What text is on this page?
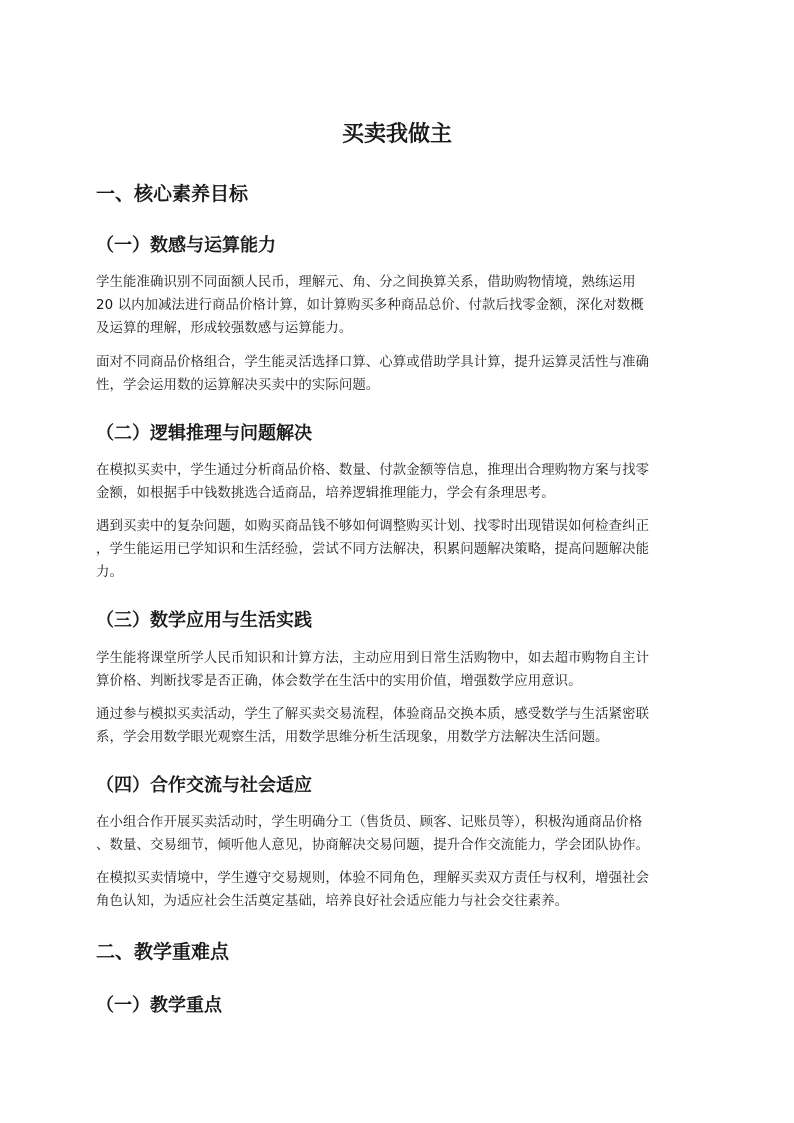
买卖我做主
一、核心素养目标
（一）数感与运算能力
学生能准确识别不同面额人民币，理解元、角、分之间换算关系，借助购物情境，熟练运用
20 以内加减法进行商品价格计算，如计算购买多种商品总价、付款后找零金额，深化对数概
及运算的理解，形成较强数感与运算能力。
面对不同商品价格组合，学生能灵活选择口算、心算或借助学具计算，提升运算灵活性与准确
性，学会运用数的运算解决买卖中的实际问题。
（二）逻辑推理与问题解决
在模拟买卖中，学生通过分析商品价格、数量、付款金额等信息，推理出合理购物方案与找零
金额，如根据手中钱数挑选合适商品，培养逻辑推理能力，学会有条理思考。
遇到买卖中的复杂问题，如购买商品钱不够如何调整购买计划、找零时出现错误如何检查纠正
，学生能运用已学知识和生活经验，尝试不同方法解决，积累问题解决策略，提高问题解决能
力。
（三）数学应用与生活实践
学生能将课堂所学人民币知识和计算方法，主动应用到日常生活购物中，如去超市购物自主计
算价格、判断找零是否正确，体会数学在生活中的实用价值，增强数学应用意识。
通过参与模拟买卖活动，学生了解买卖交易流程，体验商品交换本质，感受数学与生活紧密联
系，学会用数学眼光观察生活，用数学思维分析生活现象，用数学方法解决生活问题。
（四）合作交流与社会适应
在小组合作开展买卖活动时，学生明确分工（售货员、顾客、记账员等），积极沟通商品价格
、数量、交易细节，倾听他人意见，协商解决交易问题，提升合作交流能力，学会团队协作。
在模拟买卖情境中，学生遵守交易规则，体验不同角色，理解买卖双方责任与权利，增强社会
角色认知，为适应社会生活奠定基础，培养良好社会适应能力与社会交往素养。
二、教学重难点
（一）教学重点
